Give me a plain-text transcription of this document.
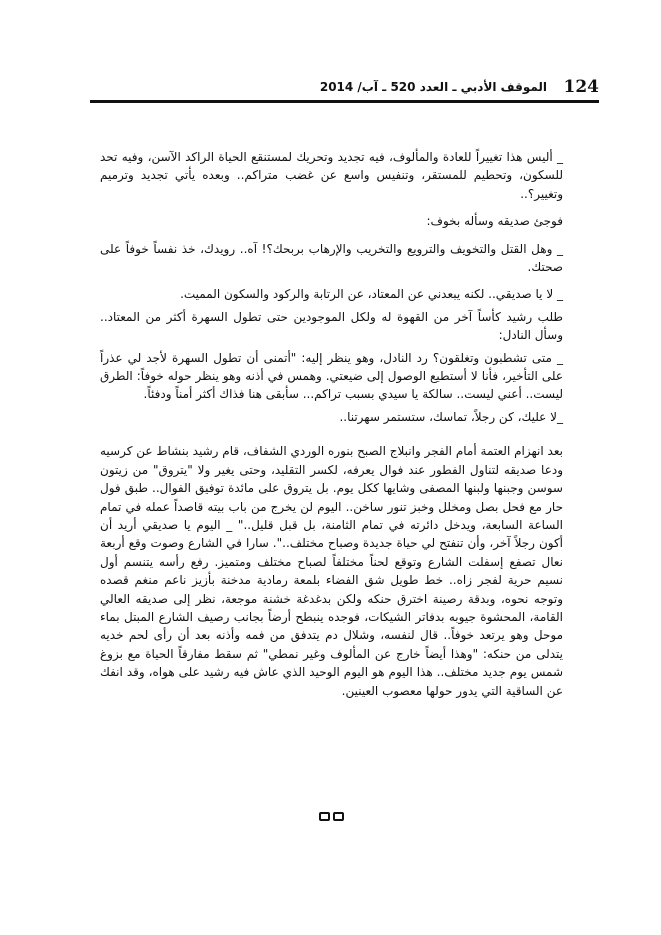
124
الموقف الأدبي ـ العدد 520 ـ آب/ 2014

_ أليس هذا تغييراً للعادة والمألوف، فيه تجديد وتحريك لمستنقع الحياة الراكد الآسن، وفيه تحد للسكون، وتحطيم للمستقر، وتنفيس واسع عن غضب متراكم.. وبعده يأتي تجديد وترميم وتغيير؟..

فوجئ صديقه وسأله بخوف:

_ وهل القتل والتخويف والترويع والتخريب والإرهاب بربحك؟! آه.. رويدك، خذ نفساً خوفاً على صحتك.

_ لا يا صديقي.. لكنه يبعدني عن المعتاد، عن الرتابة والركود والسكون المميت.

طلب رشيد كأساً آخر من القهوة له ولكل الموجودين حتى تطول السهرة أكثر من المعتاد.. وسأل النادل:

_ متى تشطبون وتغلقون؟ رد النادل، وهو ينظر إليه: "أتمنى أن تطول السهرة لأجد لي عذراً على التأخير، فأنا لا أستطيع الوصول إلى ضيعتي. وهمس في أذنه وهو ينظر حوله خوفاً: الطرق ليست.. أعني ليست.. سالكة يا سيدي بسبب تراكم... سأبقى هنا فذاك أكثر أمناً ودفئاً.

_لا عليك، كن رجلاً، تماسك، ستستمر سهرتنا..

بعد انهزام العتمة أمام الفجر وانبلاج الصبح بنوره الوردي الشفاف، قام رشيد بنشاط عن كرسيه ودعا صديقه لتناول الفطور عند فوال يعرفه، لكسر التقليد، وحتى يغير ولا "يتروق" من زيتون سوسن وجبنها ولبنها المصفى وشايها ككل يوم. بل يتروق على مائدة توفيق الفوال.. طبق فول حار مع فحل بصل ومخلل وخبز تنور ساخن.. اليوم لن يخرج من باب بيته قاصداً عمله في تمام الساعة السابعة، ويدخل دائرته في تمام الثامنة، بل قبل قليل.." _ اليوم يا صديقي أريد أن أكون رجلاً آخر، وأن تنفتح لي حياة جديدة وصباح مختلف..". سارا في الشارع وصوت وقع أربعة نعال تصفع إسفلت الشارع وتوقع لحناً مختلفاً لصباح مختلف ومتميز. رفع رأسه يتنسم أول نسيم حرية لفجر زاه.. خط طويل شق الفضاء بلمعة رمادية مدخنة بأزيز ناعم منغم قصده وتوجه نحوه، وبدقة رصينة اخترق حنكه ولكن بدغدغة خشنة موجعة، نظر إلى صديقه العالي القامة، المحشوة جيوبه بدفاتر الشيكات، فوجده ينبطح أرضاً بجانب رصيف الشارع المبتل بماء موحل وهو يرتعد خوفاً.. قال لنفسه، وشلال دم يتدفق من فمه وأذنه بعد أن رأى لحم خديه يتدلى من حنكه: "وهذا أيضاً خارج عن المألوف وغير نمطي" ثم سقط مفارقاً الحياة مع بزوغ شمس يوم جديد مختلف.. هذا اليوم هو اليوم الوحيد الذي عاش فيه رشيد على هواه، وقد انفك عن الساقية التي يدور حولها معصوب العينين.
